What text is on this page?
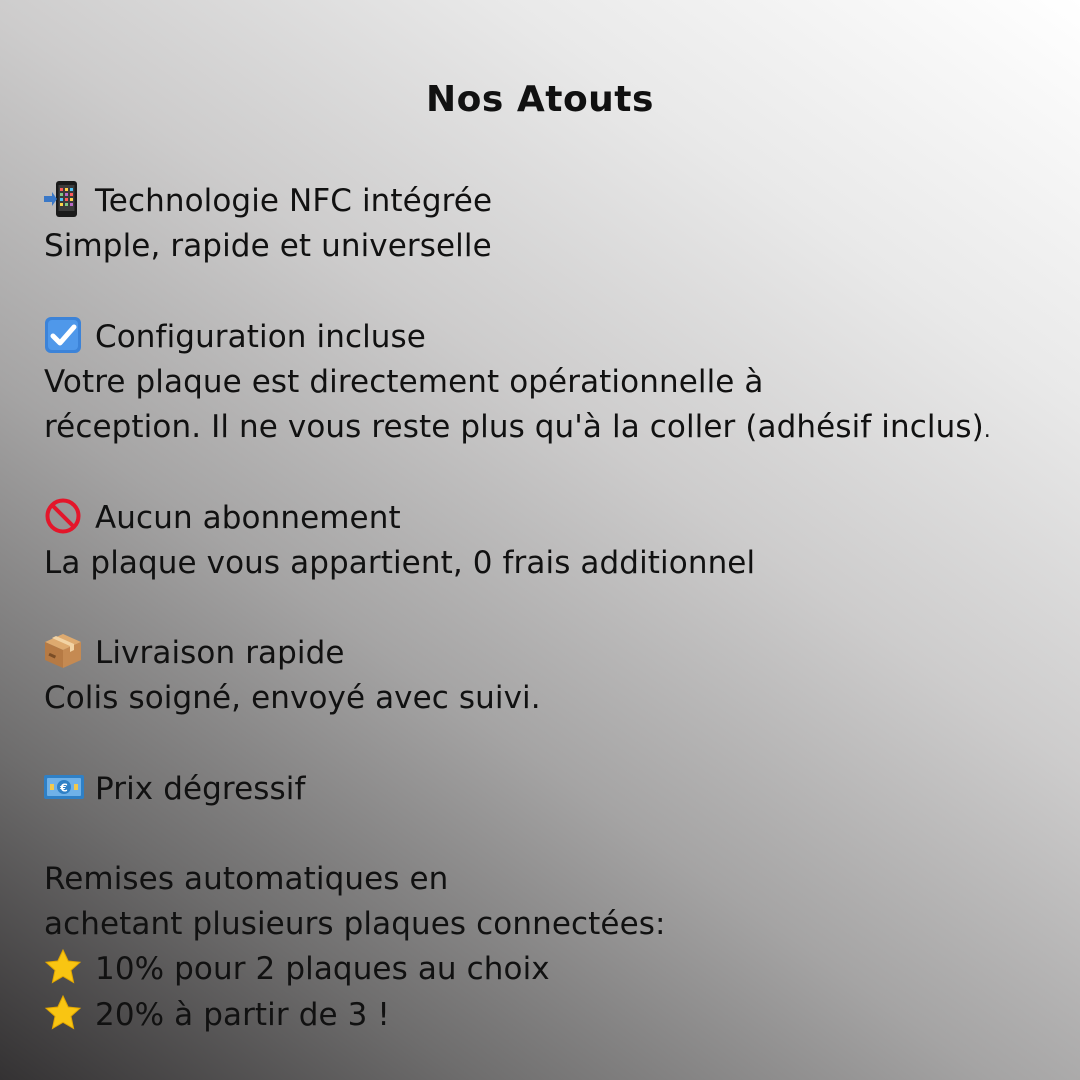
Nos Atouts
Technologie NFC intégrée
Simple, rapide et universelle
Configuration incluse
Votre plaque est directement opérationnelle à
réception. Il ne vous reste plus qu'à la coller (adhésif inclus).
Aucun abonnement
La plaque vous appartient, 0 frais additionnel
Livraison rapide
Colis soigné, envoyé avec suivi.
€ Prix dégressif
Remises automatiques en
achetant plusieurs plaques connectées:
10% pour 2 plaques au choix
20% à partir de 3 !
